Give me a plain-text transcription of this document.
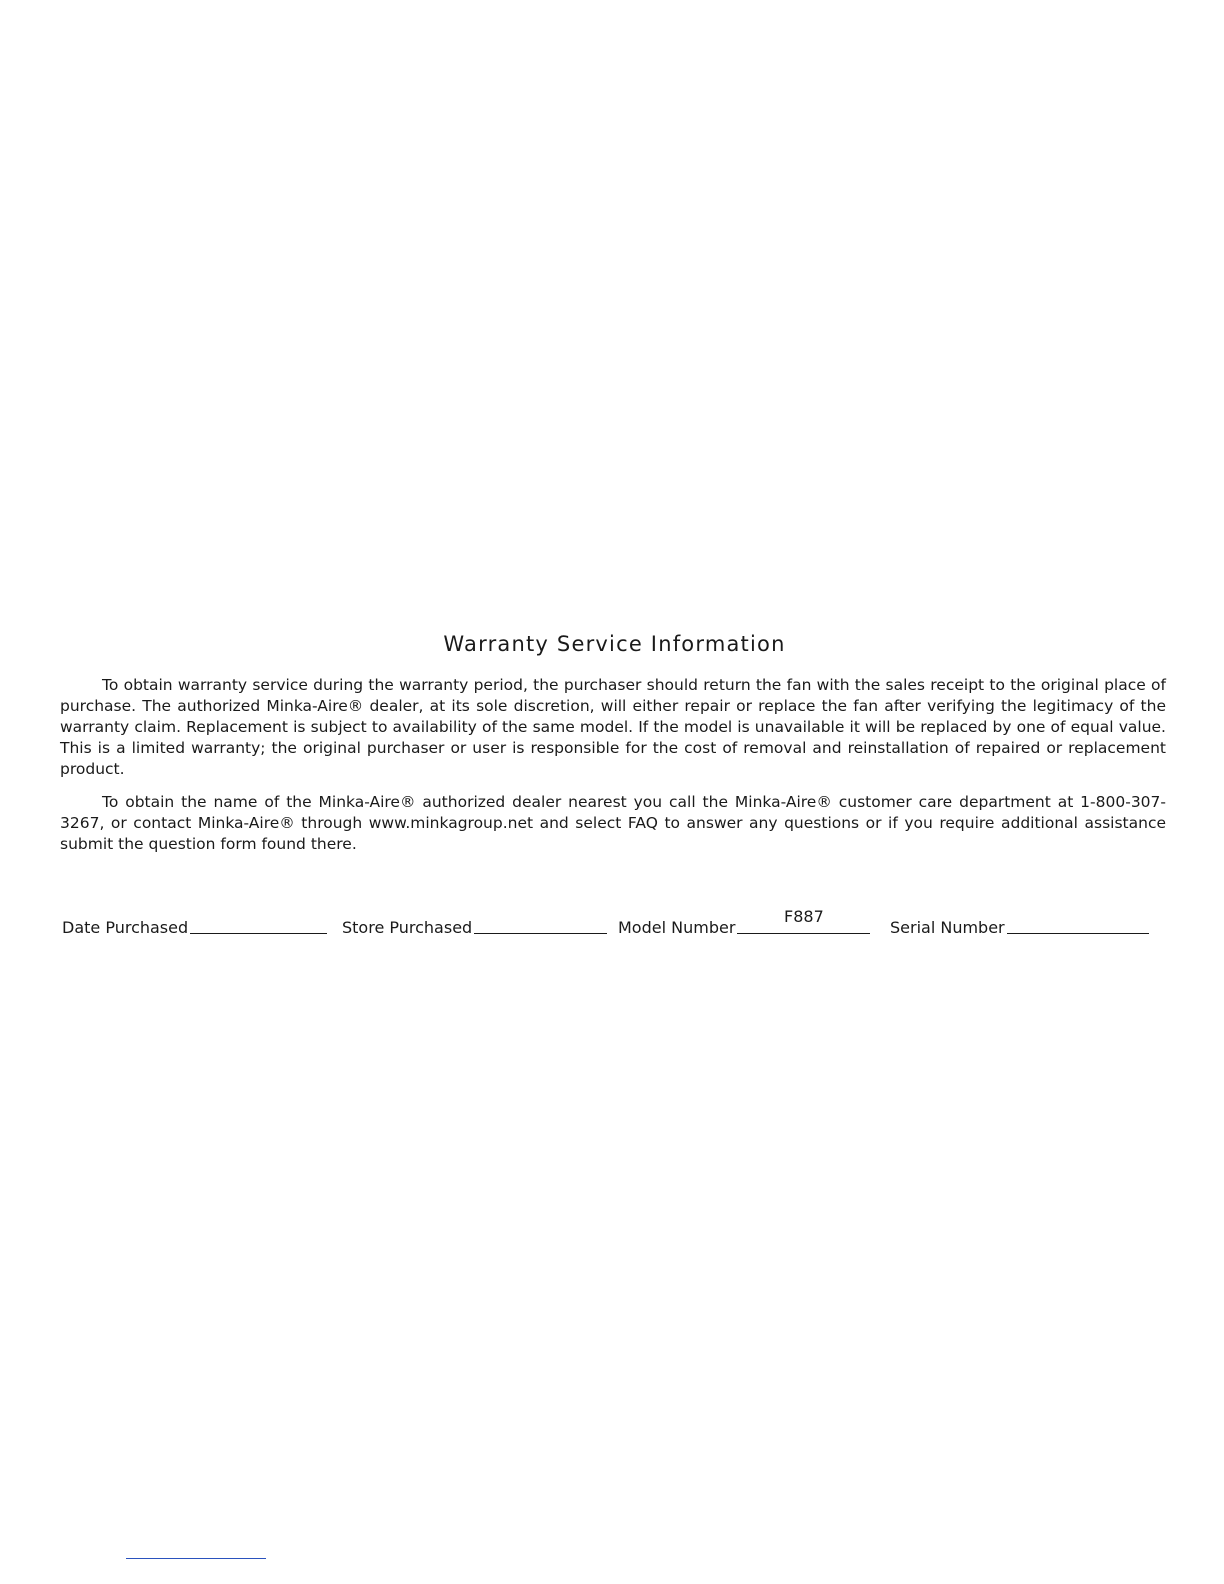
Warranty Service Information

To obtain warranty service during the warranty period, the purchaser should return the fan with the sales receipt to the original place of purchase. The authorized Minka-Aire® dealer, at its sole discretion, will either repair or replace the fan after verifying the legitimacy of the warranty claim. Replacement is subject to availability of the same model. If the model is unavailable it will be replaced by one of equal value. This is a limited warranty; the original purchaser or user is responsible for the cost of removal and reinstallation of repaired or replacement product.

To obtain the name of the Minka-Aire® authorized dealer nearest you call the Minka-Aire® customer care department at 1-800-307-3267, or contact Minka-Aire® through www.minkagroup.net and select FAQ to answer any questions or if you require additional assistance submit the question form found there.

Date Purchased	Store Purchased	Model Number
F887
Serial Number
